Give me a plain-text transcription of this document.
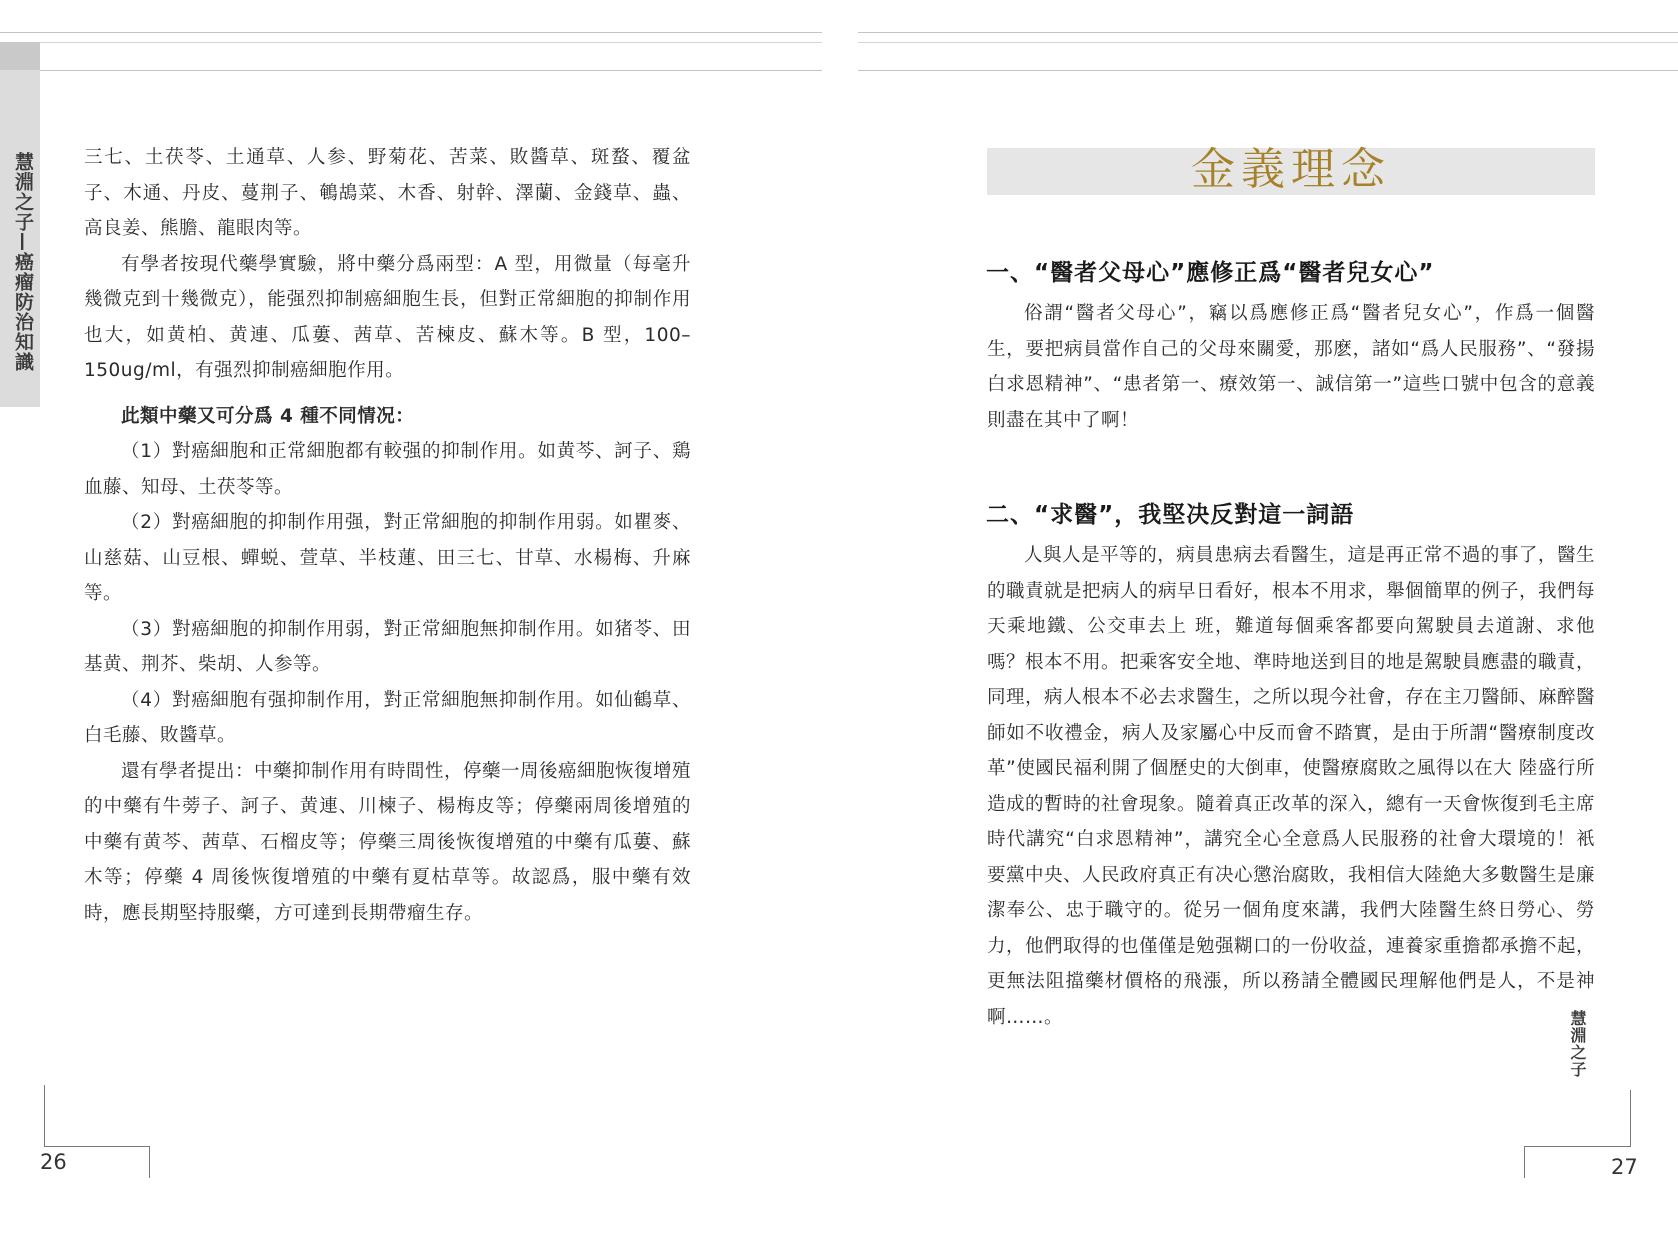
慧淵之子—癌瘤防治知識	三七、土茯苓、土通草、人参、野菊花、苦菜、敗醬草、斑蝥、覆盆子、木通、丹皮、蔓荆子、鵪鴣菜、木香、射幹、澤蘭、金錢草、蟲、高良姜、熊膽、龍眼肉等。

有學者按現代藥學實驗，將中藥分爲兩型：A 型，用微量（每毫升幾微克到十幾微克），能强烈抑制癌細胞生長，但對正常細胞的抑制作用也大，如黄柏、黄連、瓜蔞、茜草、苦楝皮、蘇木等。B 型，100–150ug/ml，有强烈抑制癌細胞作用。

此類中藥又可分爲 4 種不同情况：

（1）對癌細胞和正常細胞都有較强的抑制作用。如黄芩、訶子、鶏血藤、知母、土茯苓等。

（2）對癌細胞的抑制作用强，對正常細胞的抑制作用弱。如瞿麥、山慈菇、山豆根、蟬蜕、萱草、半枝蓮、田三七、甘草、水楊梅、升麻等。

（3）對癌細胞的抑制作用弱，對正常細胞無抑制作用。如猪苓、田基黄、荆芥、柴胡、人参等。

（4）對癌細胞有强抑制作用，對正常細胞無抑制作用。如仙鶴草、白毛藤、敗醬草。

還有學者提出：中藥抑制作用有時間性，停藥一周後癌細胞恢復增殖的中藥有牛蒡子、訶子、黄連、川楝子、楊梅皮等；停藥兩周後增殖的中藥有黄芩、茜草、石榴皮等；停藥三周後恢復增殖的中藥有瓜蔞、蘇木等；停藥 4 周後恢復增殖的中藥有夏枯草等。故認爲，服中藥有效時，應長期堅持服藥，方可達到長期帶瘤生存。

26
金義理念
一、“醫者父母心”應修正爲“醫者兒女心”

俗謂“醫者父母心”，竊以爲應修正爲“醫者兒女心”，作爲一個醫生，要把病員當作自己的父母來關愛，那麽，諸如“爲人民服務”、“發揚白求恩精神”、“患者第一、療效第一、誠信第一”這些口號中包含的意義則盡在其中了啊！

二、“求醫”，我堅决反對這一詞語

人與人是平等的，病員患病去看醫生，這是再正常不過的事了，醫生的職責就是把病人的病早日看好，根本不用求，舉個簡單的例子，我們每天乘地鐵、公交車去上 班，難道每個乘客都要向駕駛員去道謝、求他嗎？根本不用。把乘客安全地、準時地送到目的地是駕駛員應盡的職責，同理，病人根本不必去求醫生，之所以現今社會，存在主刀醫師、麻醉醫師如不收禮金，病人及家屬心中反而會不踏實，是由于所謂“醫療制度改革”使國民福利開了個歷史的大倒車，使醫療腐敗之風得以在大 陸盛行所造成的暫時的社會現象。隨着真正改革的深入，總有一天會恢復到毛主席時代講究“白求恩精神”，講究全心全意爲人民服務的社會大環境的！衹要黨中央、人民政府真正有决心懲治腐敗，我相信大陸絶大多數醫生是廉潔奉公、忠于職守的。從另一個角度來講，我們大陸醫生終日勞心、勞力，他們取得的也僅僅是勉强糊口的一份收益，連養家重擔都承擔不起，更無法阻擋藥材價格的飛漲，所以務請全體國民理解他們是人，不是神啊……。	慧淵之子
27
